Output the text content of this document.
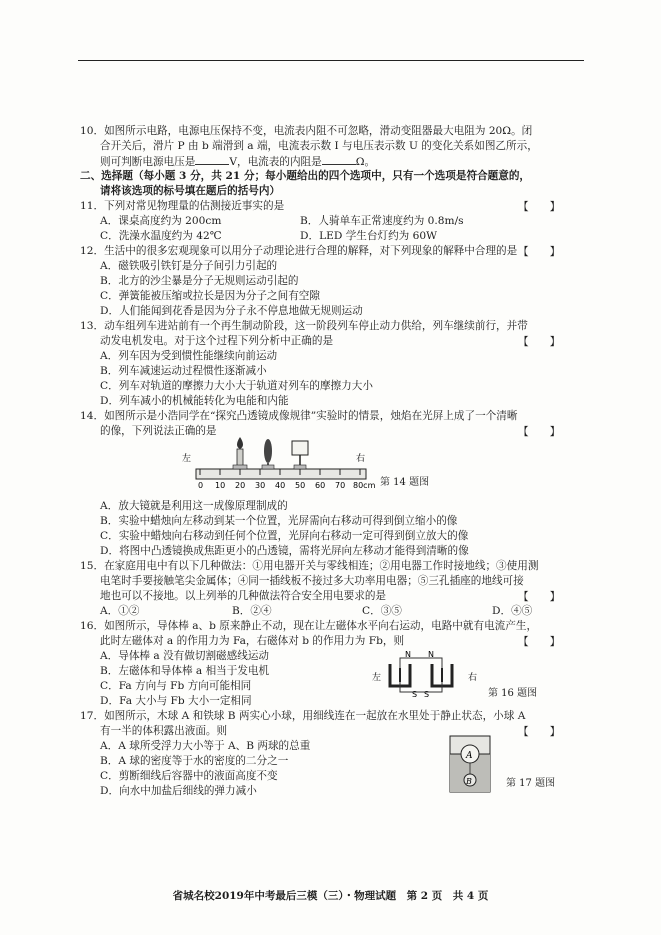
10．如图所示电路，电源电压保持不变，电流表内阻不可忽略，滑动变阻器最大电阻为 20Ω。闭
合开关后，滑片 P 由 b 端滑到 a 端，电流表示数 I 与电压表示数 U 的变化关系如图乙所示，
则可判断电源电压是	V，电流表的内阻是	Ω。
二、选择题（每小题 3 分，共 21 分；每小题给出的四个选项中，只有一个选项是符合题意的，
请将该选项的标号填在题后的括号内）
11．下列对常见物理量的估测接近事实的是	【　　】
A．课桌高度约为 200cm	B．人骑单车正常速度约为 0.8m/s
C．洗澡水温度约为 42℃	D．LED 学生台灯约为 60W
12．生活中的很多宏观现象可以用分子动理论进行合理的解释，对下列现象的解释中合理的是 【　　】
A．磁铁吸引铁钉是分子间引力引起的
B．北方的沙尘暴是分子无规则运动引起的
C．弹簧能被压缩或拉长是因为分子之间有空隙
D．人们能闻到花香是因为分子永不停息地做无规则运动
13．动车组列车进站前有一个再生制动阶段，这一阶段列车停止动力供给，列车继续前行，并带
动发电机发电。对于这个过程下列分析中正确的是	【　　】
A．列车因为受到惯性能继续向前运动
B．列车减速运动过程惯性逐渐减小
C．列车对轨道的摩擦力大小大于轨道对列车的摩擦力大小
D．列车减小的机械能转化为电能和内能
14．如图所示是小浩同学在“探究凸透镜成像规律”实验时的情景，烛焰在光屏上成了一个清晰
的像，下列说法正确的是	【　　】
左	右
0 10 20 30 40 50 60 70 80cm 第 14 题图
A．放大镜就是利用这一成像原理制成的
B．实验中蜡烛向左移动到某一个位置，光屏需向右移动可得到倒立缩小的像
C．实验中蜡烛向右移动到任何个位置，光屏向右移动一定可得到倒立放大的像
D．将图中凸透镜换成焦距更小的凸透镜，需将光屏向左移动才能得到清晰的像
15．在家庭用电中有以下几种做法：①用电器开关与零线相连；②用电器工作时接地线；③使用测
电笔时手要接触笔尖金属体；④同一插线板不接过多大功率用电器；⑤三孔插座的地线可接
地也可以不接地。以上列举的几种做法符合安全用电要求的是	【　　】
A．①②	B．②④	C．③⑤	D．④⑤
16．如图所示，导体棒 a、b 原来静止不动，现在让左磁体水平向右运动，电路中就有电流产生，
此时左磁体对 a 的作用力为 Fa，右磁体对 b 的作用力为 Fb，则	【　　】
A．导体棒 a 没有做切割磁感线运动
B．左磁体和导体棒 a 相当于发电机
C．Fa 方向与 Fb 方向可能相同
D．Fa 大小与 Fb 大小一定相同
左	右
N N
S S	第 16 题图
17．如图所示，木球 A 和铁球 B 两实心小球，用细线连在一起放在水里处于静止状态，小球 A
有一半的体积露出液面。则	【　　】
A．A 球所受浮力大小等于 A、B 两球的总重
B．A 球的密度等于水的密度的二分之一
C．剪断细线后容器中的液面高度不变
D．向水中加盐后细线的弹力减小
A
B	第 17 题图
省城名校2019年中考最后三模（三）・物理试题　第 2 页　共 4 页
